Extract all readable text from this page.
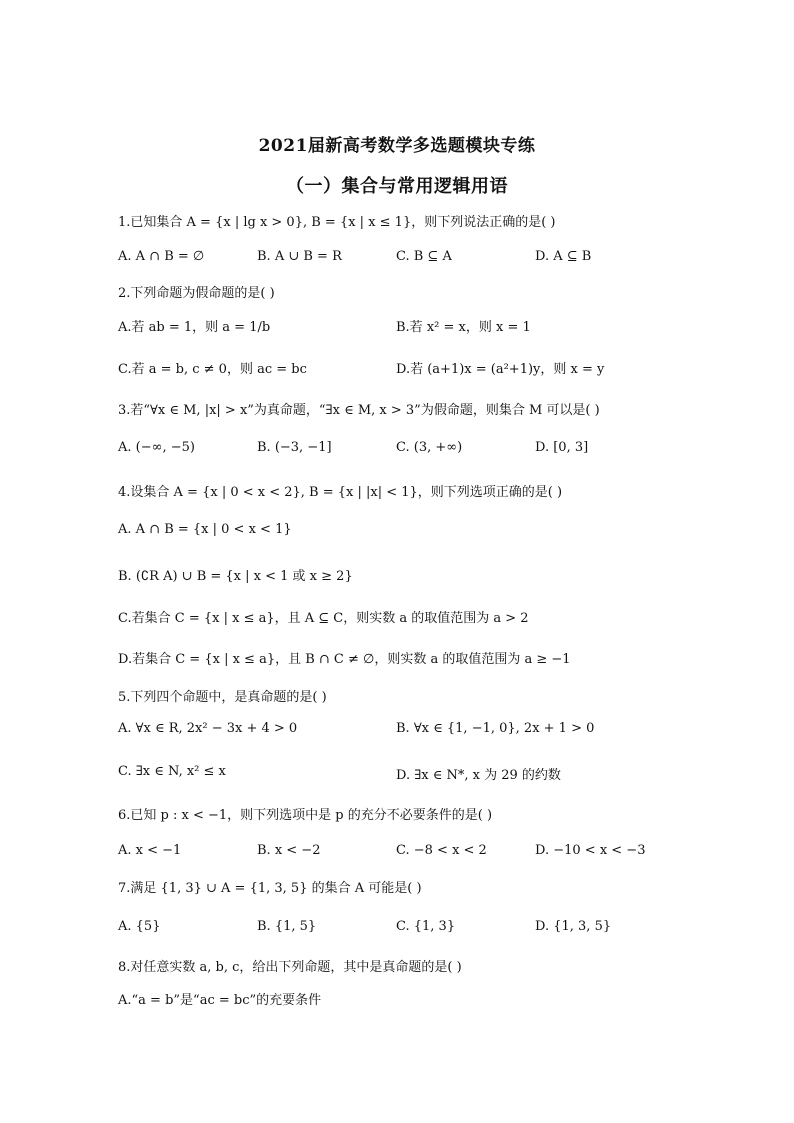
2021届新高考数学多选题模块专练
（一）集合与常用逻辑用语
1.已知集合 A = {x | lg x > 0}, B = {x | x ≤ 1}，则下列说法正确的是( )
A. A ∩ B = ∅	B. A ∪ B = R	C. B ⊆ A	D. A ⊆ B
2.下列命题为假命题的是( )
A.若 ab = 1，则 a = 1/b	B.若 x² = x，则 x = 1
C.若 a = b, c ≠ 0，则 ac = bc	D.若 (a+1)x = (a²+1)y，则 x = y
3.若“∀x ∈ M, |x| > x”为真命题，“∃x ∈ M, x > 3”为假命题，则集合 M 可以是( )
A. (−∞, −5)	B. (−3, −1]	C. (3, +∞)	D. [0, 3]
4.设集合 A = {x | 0 < x < 2}, B = {x | |x| < 1}，则下列选项正确的是( )
A. A ∩ B = {x | 0 < x < 1}
B. (∁R A) ∪ B = {x | x < 1 或 x ≥ 2}
C.若集合 C = {x | x ≤ a}，且 A ⊆ C，则实数 a 的取值范围为 a > 2
D.若集合 C = {x | x ≤ a}，且 B ∩ C ≠ ∅，则实数 a 的取值范围为 a ≥ −1
5.下列四个命题中，是真命题的是( )
A. ∀x ∈ R, 2x² − 3x + 4 > 0	B. ∀x ∈ {1, −1, 0}, 2x + 1 > 0
C. ∃x ∈ N, x² ≤ x	D. ∃x ∈ N*, x 为 29 的约数
6.已知 p : x < −1，则下列选项中是 p 的充分不必要条件的是( )
A. x < −1	B. x < −2	C. −8 < x < 2	D. −10 < x < −3
7.满足 {1, 3} ∪ A = {1, 3, 5} 的集合 A 可能是( )
A. {5}	B. {1, 5}	C. {1, 3}	D. {1, 3, 5}
8.对任意实数 a, b, c，给出下列命题，其中是真命题的是( )
A.“a = b”是“ac = bc”的充要条件
